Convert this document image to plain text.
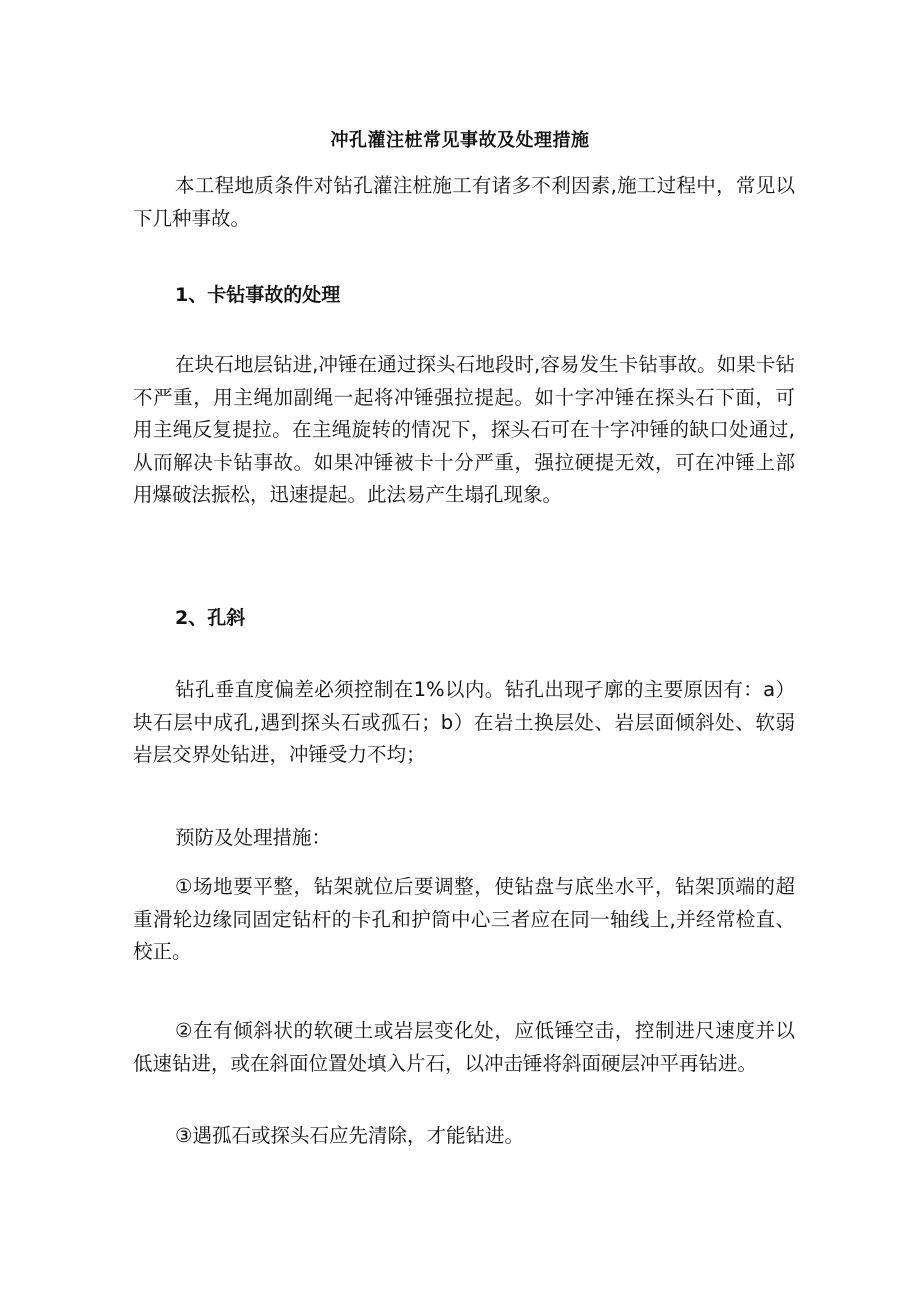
冲孔灌注桩常见事故及处理措施

本工程地质条件对钻孔灌注桩施工有诸多不利因素,施工过程中，常见以下几种事故。

1、卡钻事故的处理

在块石地层钻进,冲锤在通过探头石地段时,容易发生卡钻事故。如果卡钻不严重，用主绳加副绳一起将冲锤强拉提起。如十字冲锤在探头石下面，可用主绳反复提拉。在主绳旋转的情况下，探头石可在十字冲锤的缺口处通过,从而解决卡钻事故。如果冲锤被卡十分严重，强拉硬提无效，可在冲锤上部用爆破法振松，迅速提起。此法易产生塌孔现象。

2、孔斜

钻孔垂直度偏差必须控制在1%以内。钻孔出现孑廓的主要原因有：a）块石层中成孔,遇到探头石或孤石；b）在岩土换层处、岩层面倾斜处、软弱岩层交界处钻进，冲锤受力不均；

预防及处理措施：

①场地要平整，钻架就位后要调整，使钻盘与底坐水平，钻架顶端的超重滑轮边缘同固定钻杆的卡孔和护筒中心三者应在同一轴线上,并经常检直、校正。

②在有倾斜状的软硬土或岩层变化处，应低锤空击，控制进尺速度并以低速钻进，或在斜面位置处填入片石，以冲击锤将斜面硬层冲平再钻进。

③遇孤石或探头石应先清除，才能钻进。
